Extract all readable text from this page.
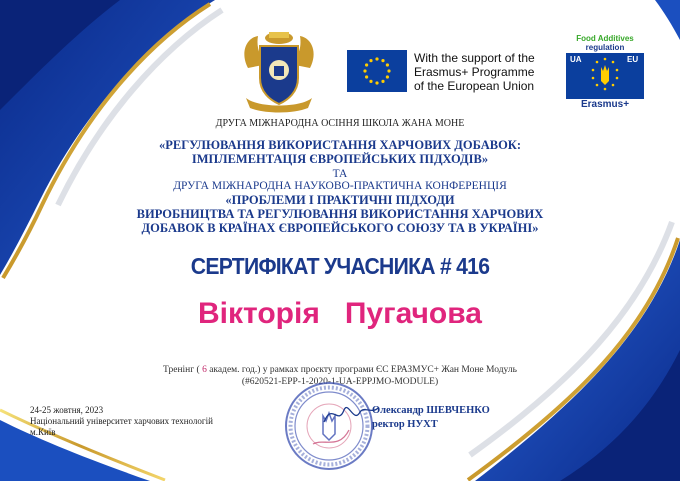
With the support of the
Erasmus+ Programme
of the European Union
Food Additives
regulation
UA	EU
Erasmus+
ДРУГА МІЖНАРОДНА ОСІННЯ ШКОЛА ЖАНА МОНЕ
«РЕГУЛЮВАННЯ ВИКОРИСТАННЯ ХАРЧОВИХ ДОБАВОК:
ІМПЛЕМЕНТАЦІЯ ЄВРОПЕЙСЬКИХ ПІДХОДІВ»
ТА
ДРУГА МІЖНАРОДНА НАУКОВО-ПРАКТИЧНА КОНФЕРЕНЦІЯ
«ПРОБЛЕМИ І ПРАКТИЧНІ ПІДХОДИ
ВИРОБНИЦТВА ТА РЕГУЛЮВАННЯ ВИКОРИСТАННЯ ХАРЧОВИХ
ДОБАВОК В КРАЇНАХ ЄВРОПЕЙСЬКОГО СОЮЗУ ТА В УКРАЇНІ»
СЕРТИФІКАТ УЧАСНИКА # 416
Вікторія   Пугачова
Тренінг ( 6 академ. год.) у рамках проєкту програми ЄС ЕРАЗМУС+ Жан Моне Модуль
(#620521-EPP-1-2020-1-UA-EPPJMO-MODULE)
24-25 жовтня, 2023
Національний університет харчових технологій
м.Київ
Олександр ШЕВЧЕНКО
ректор НУХТ
